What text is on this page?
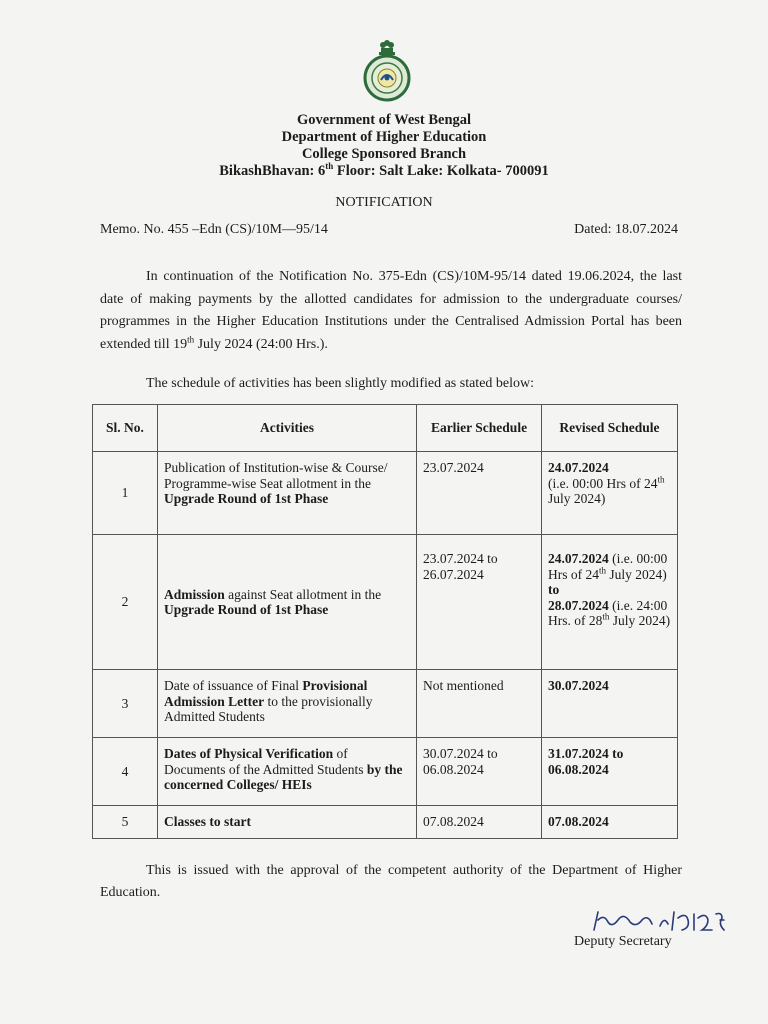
Government of West Bengal
Department of Higher Education
College Sponsored Branch
BikashBhavan: 6th Floor: Salt Lake: Kolkata- 700091
NOTIFICATION
Memo. No. 455 –Edn (CS)/10M—95/14	Dated: 18.07.2024
In continuation of the Notification No. 375-Edn (CS)/10M-95/14 dated 19.06.2024, the last date of making payments by the allotted candidates for admission to the undergraduate courses/ programmes in the Higher Education Institutions under the Centralised Admission Portal has been extended till 19th July 2024 (24:00 Hrs.).
The schedule of activities has been slightly modified as stated below:
Sl. No.	Activities	Earlier Schedule	Revised Schedule
1	Publication of Institution-wise & Course/ Programme-wise Seat allotment in the Upgrade Round of 1st Phase	23.07.2024	24.07.2024
(i.e. 00:00 Hrs of 24th July 2024)
2	Admission against Seat allotment in the Upgrade Round of 1st Phase	23.07.2024 to 26.07.2024	24.07.2024 (i.e. 00:00 Hrs of 24th July 2024)
to
28.07.2024 (i.e. 24:00 Hrs. of 28th July 2024)
3	Date of issuance of Final Provisional Admission Letter to the provisionally Admitted Students	Not mentioned	30.07.2024
4	Dates of Physical Verification of Documents of the Admitted Students by the concerned Colleges/ HEIs	30.07.2024 to 06.08.2024	31.07.2024 to 06.08.2024
5	Classes to start	07.08.2024	07.08.2024
This is issued with the approval of the competent authority of the Department of Higher Education.
Deputy Secretary
